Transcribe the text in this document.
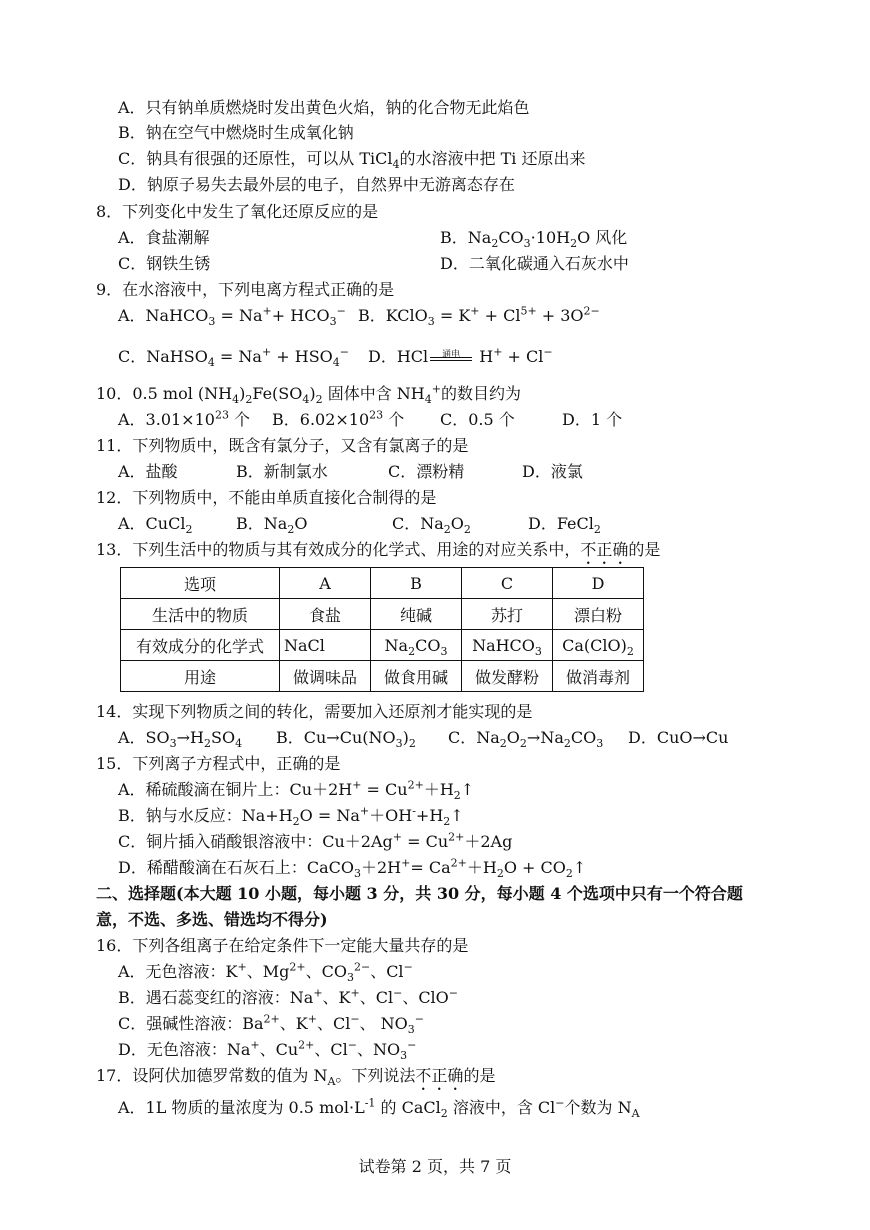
A．只有钠单质燃烧时发出黄色火焰，钠的化合物无此焰色
B．钠在空气中燃烧时生成氧化钠
C．钠具有很强的还原性，可以从 TiCl$_4$的水溶液中把 Ti 还原出来
D．钠原子易失去最外层的电子，自然界中无游离态存在
8．下列变化中发生了氧化还原反应的是
A．食盐潮解	B．$Na_2CO_3\cdot 10H_2O$ 风化
C．钢铁生锈	D．二氧化碳通入石灰水中
9．在水溶液中，下列电离方程式正确的是
A．NaHCO$_3$ = $Na^++ HCO_3^-$ B．KClO$_3$ = $K^+ + Cl^{5+} + 3O^{2-}$
C．NaHSO$_4$ = $Na^+ + HSO_4^-$ D．HCl	通电 H+ + Cl−
10．0.5 mol $(NH_4)_2Fe(SO_4)_2$ 固体中含 $NH_4^+$的数目约为
A．$3.01\times 10^{23}$ 个 B．$6.02\times 10^{23}$ 个 C．0.5 个	D．1 个
11．下列物质中，既含有氯分子，又含有氯离子的是
A．盐酸	B．新制氯水	C．漂粉精	D．液氯
12．下列物质中，不能由单质直接化合制得的是
A．CuCl$_2$	B．$Na_2O$	C．$Na_2O_2$	D．FeCl$_2$
13．下列生活中的物质与其有效成分的化学式、用途的对应关系中，不正确的是
选项	A	B	C	D
生活中的物质	食盐	纯碱	苏打	漂白粉
有效成分的化学式	NaCl	$Na_2CO_3$	NaHCO$_3$	$Ca(ClO)_2$
用途	做调味品	做食用碱	做发酵粉	做消毒剂
14．实现下列物质之间的转化，需要加入还原剂才能实现的是
A．$SO_3\to H_2SO_4$ B．$Cu\to Cu(NO_3)_2$ C．$Na_2O_2\to Na_2CO_3$ D．CuO→Cu
15．下列离子方程式中，正确的是
A．稀硫酸滴在铜片上：$Cu+2H^+ = Cu^{2+}+H_2↑$
B．钠与水反应：$Na+H_2O$ = $Na^++OH^-+H_2↑$
C．铜片插入硝酸银溶液中：$Cu+2Ag^+ = Cu^{2+}+2Ag$
D．稀醋酸滴在石灰石上：CaCO$_3$＋2H+= $Ca^{2+}+H_2O$ + $CO_2↑$
二、选择题(本大题 10 小题，每小题 3 分，共 30 分，每小题 4 个选项中只有一个符合题
意，不选、多选、错选均不得分)
16．下列各组离子在给定条件下一定能大量共存的是
A．无色溶液：K+、$Mg^{2+}$、$CO_3^{2-}$、Cl−
B．遇石蕊变红的溶液：Na+、K+、Cl−、ClO−
C．强碱性溶液：$Ba^{2+}$、K+、Cl−、 $NO_3^-$
D．无色溶液：Na+、$Cu^{2+}$、Cl−、$NO_3^-$
17．设阿伏加德罗常数的值为 $N_A$。下列说法不正确的是
A．1L 物质的量浓度为 0.5 $mol\cdot L^{-1}$ 的 CaCl$_2$ 溶液中，含 Cl−个数为 $N_A$
试卷第 2 页，共 7 页
